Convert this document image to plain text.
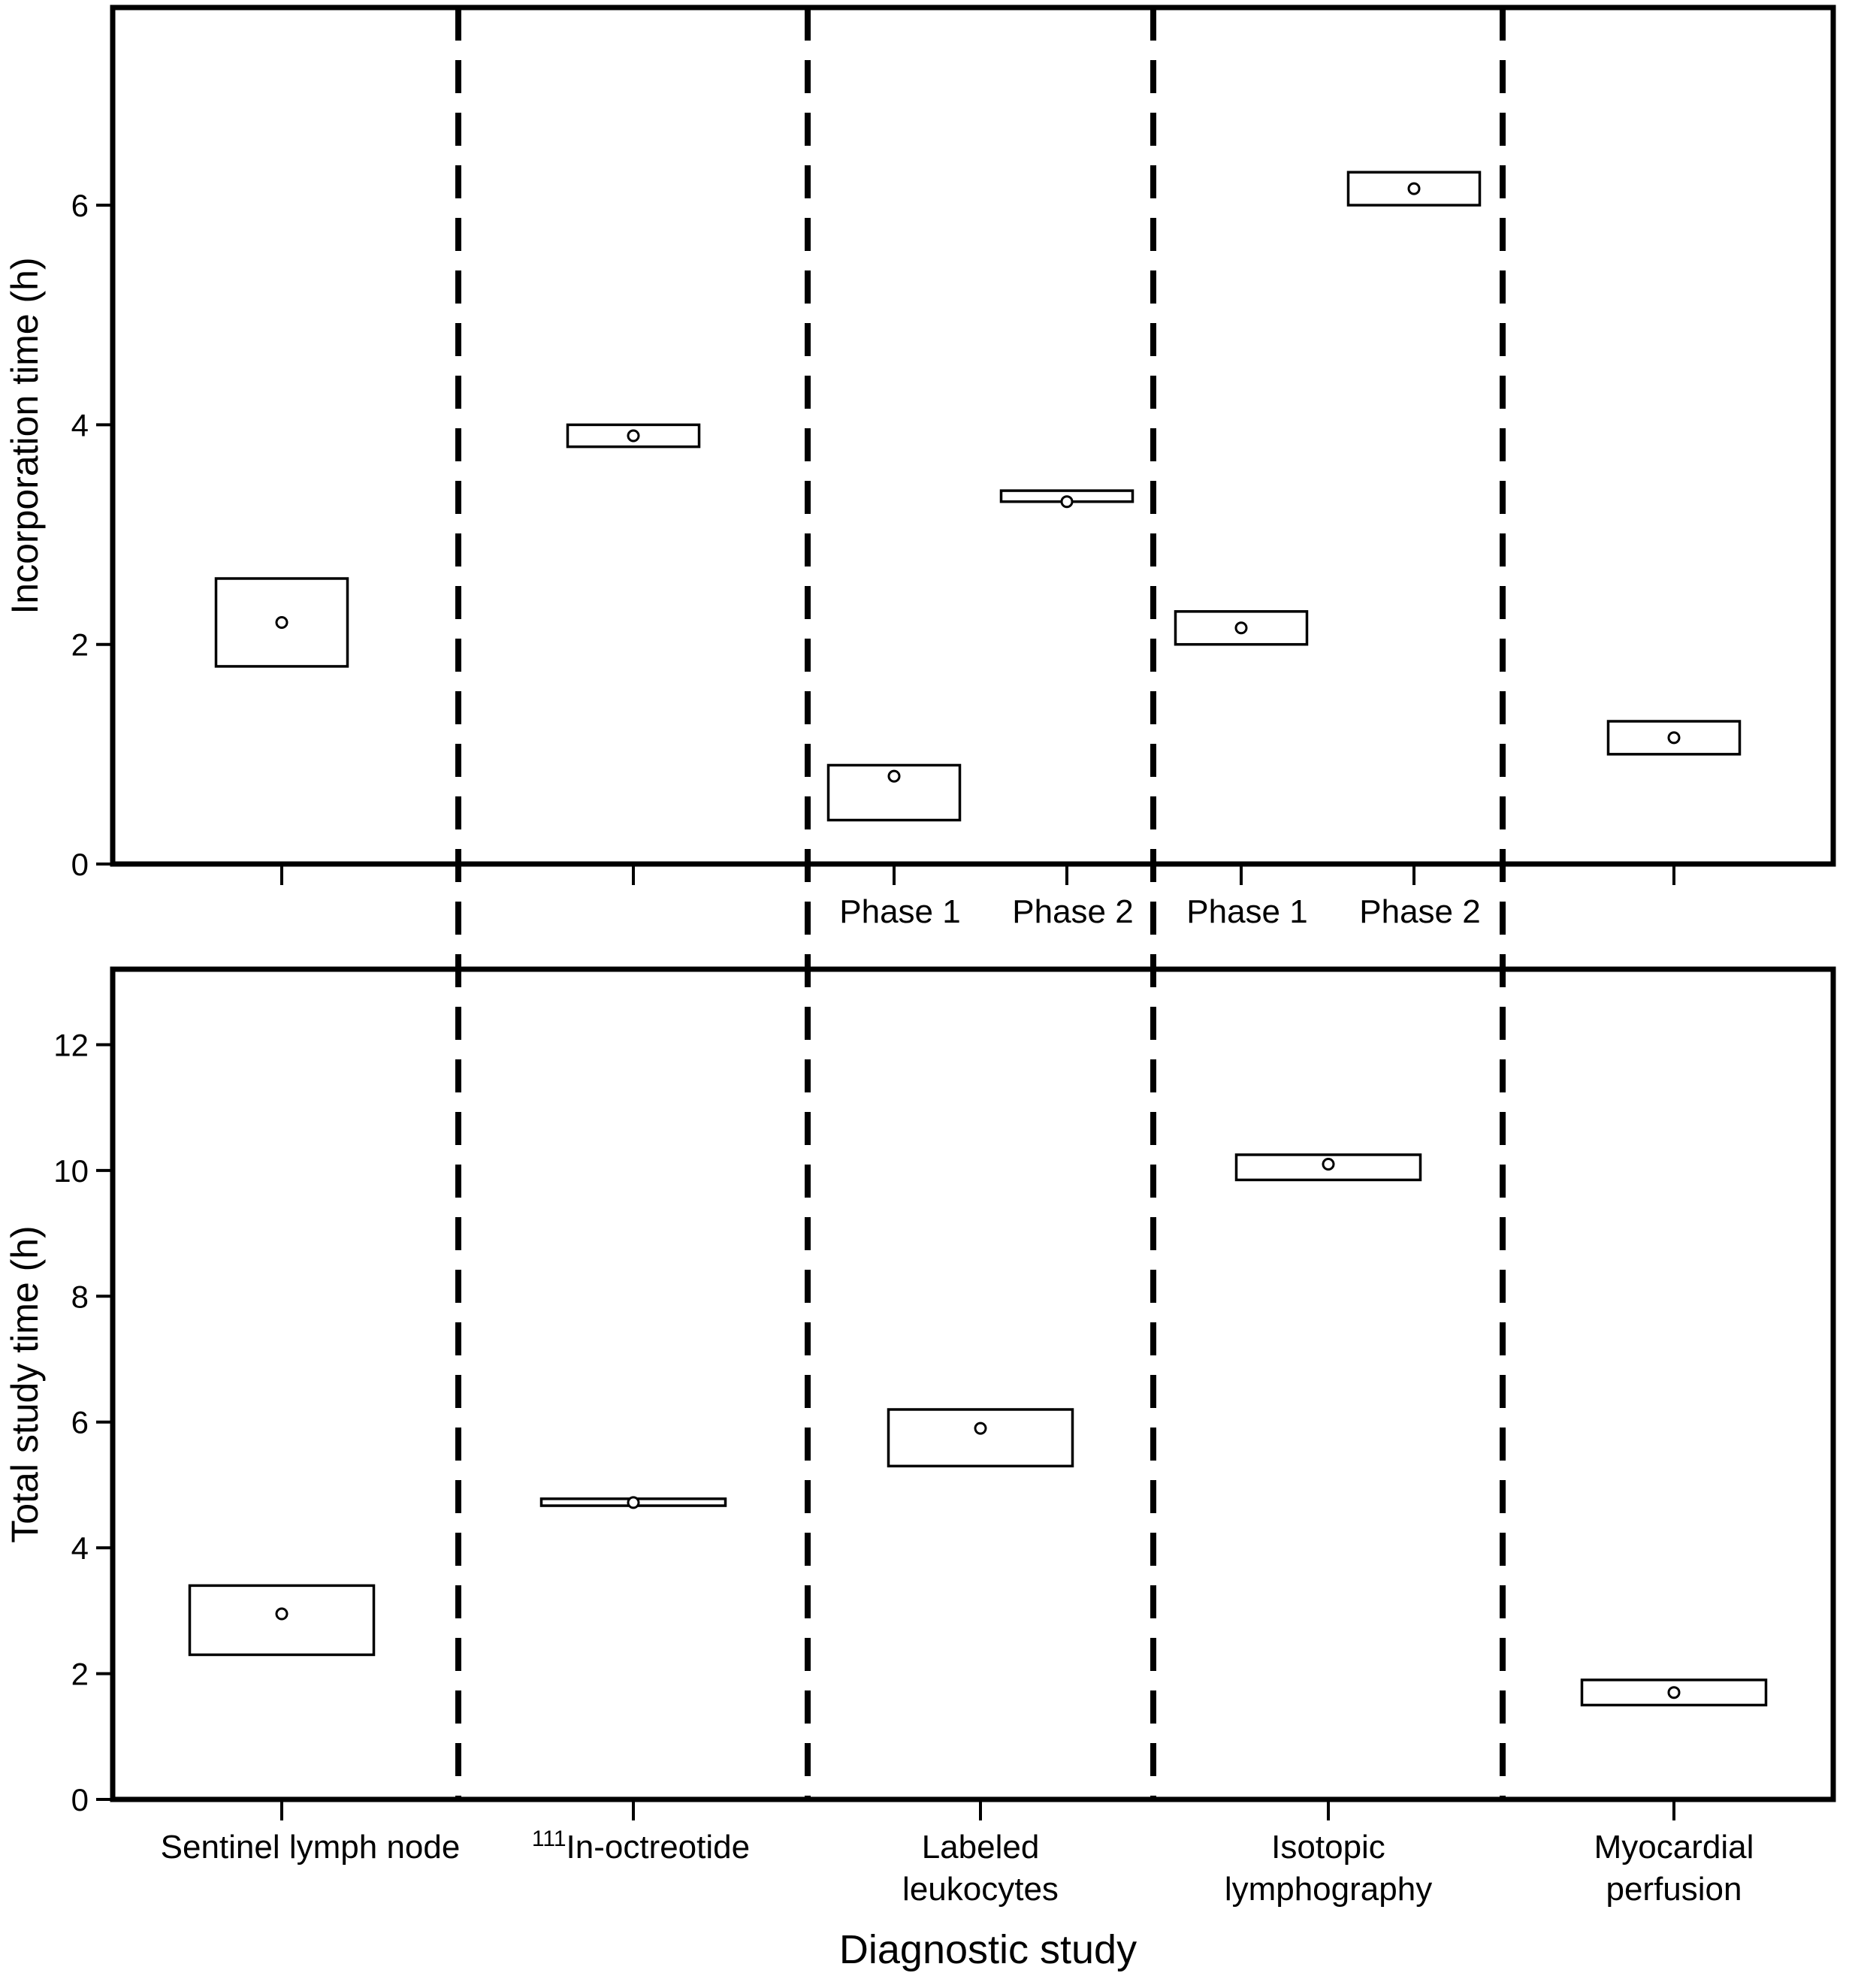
0
2
4
6
Incorporation time (h)
Phase 1 Phase 2 Phase 1 Phase 2
0
2
4
6
8
10
12
Total study time (h)
Sentinel lymph node	$^{111}$In-octreotide	Labeled leukocytes
Isotopic lymphography
Myocardial perfusion
Diagnostic study
